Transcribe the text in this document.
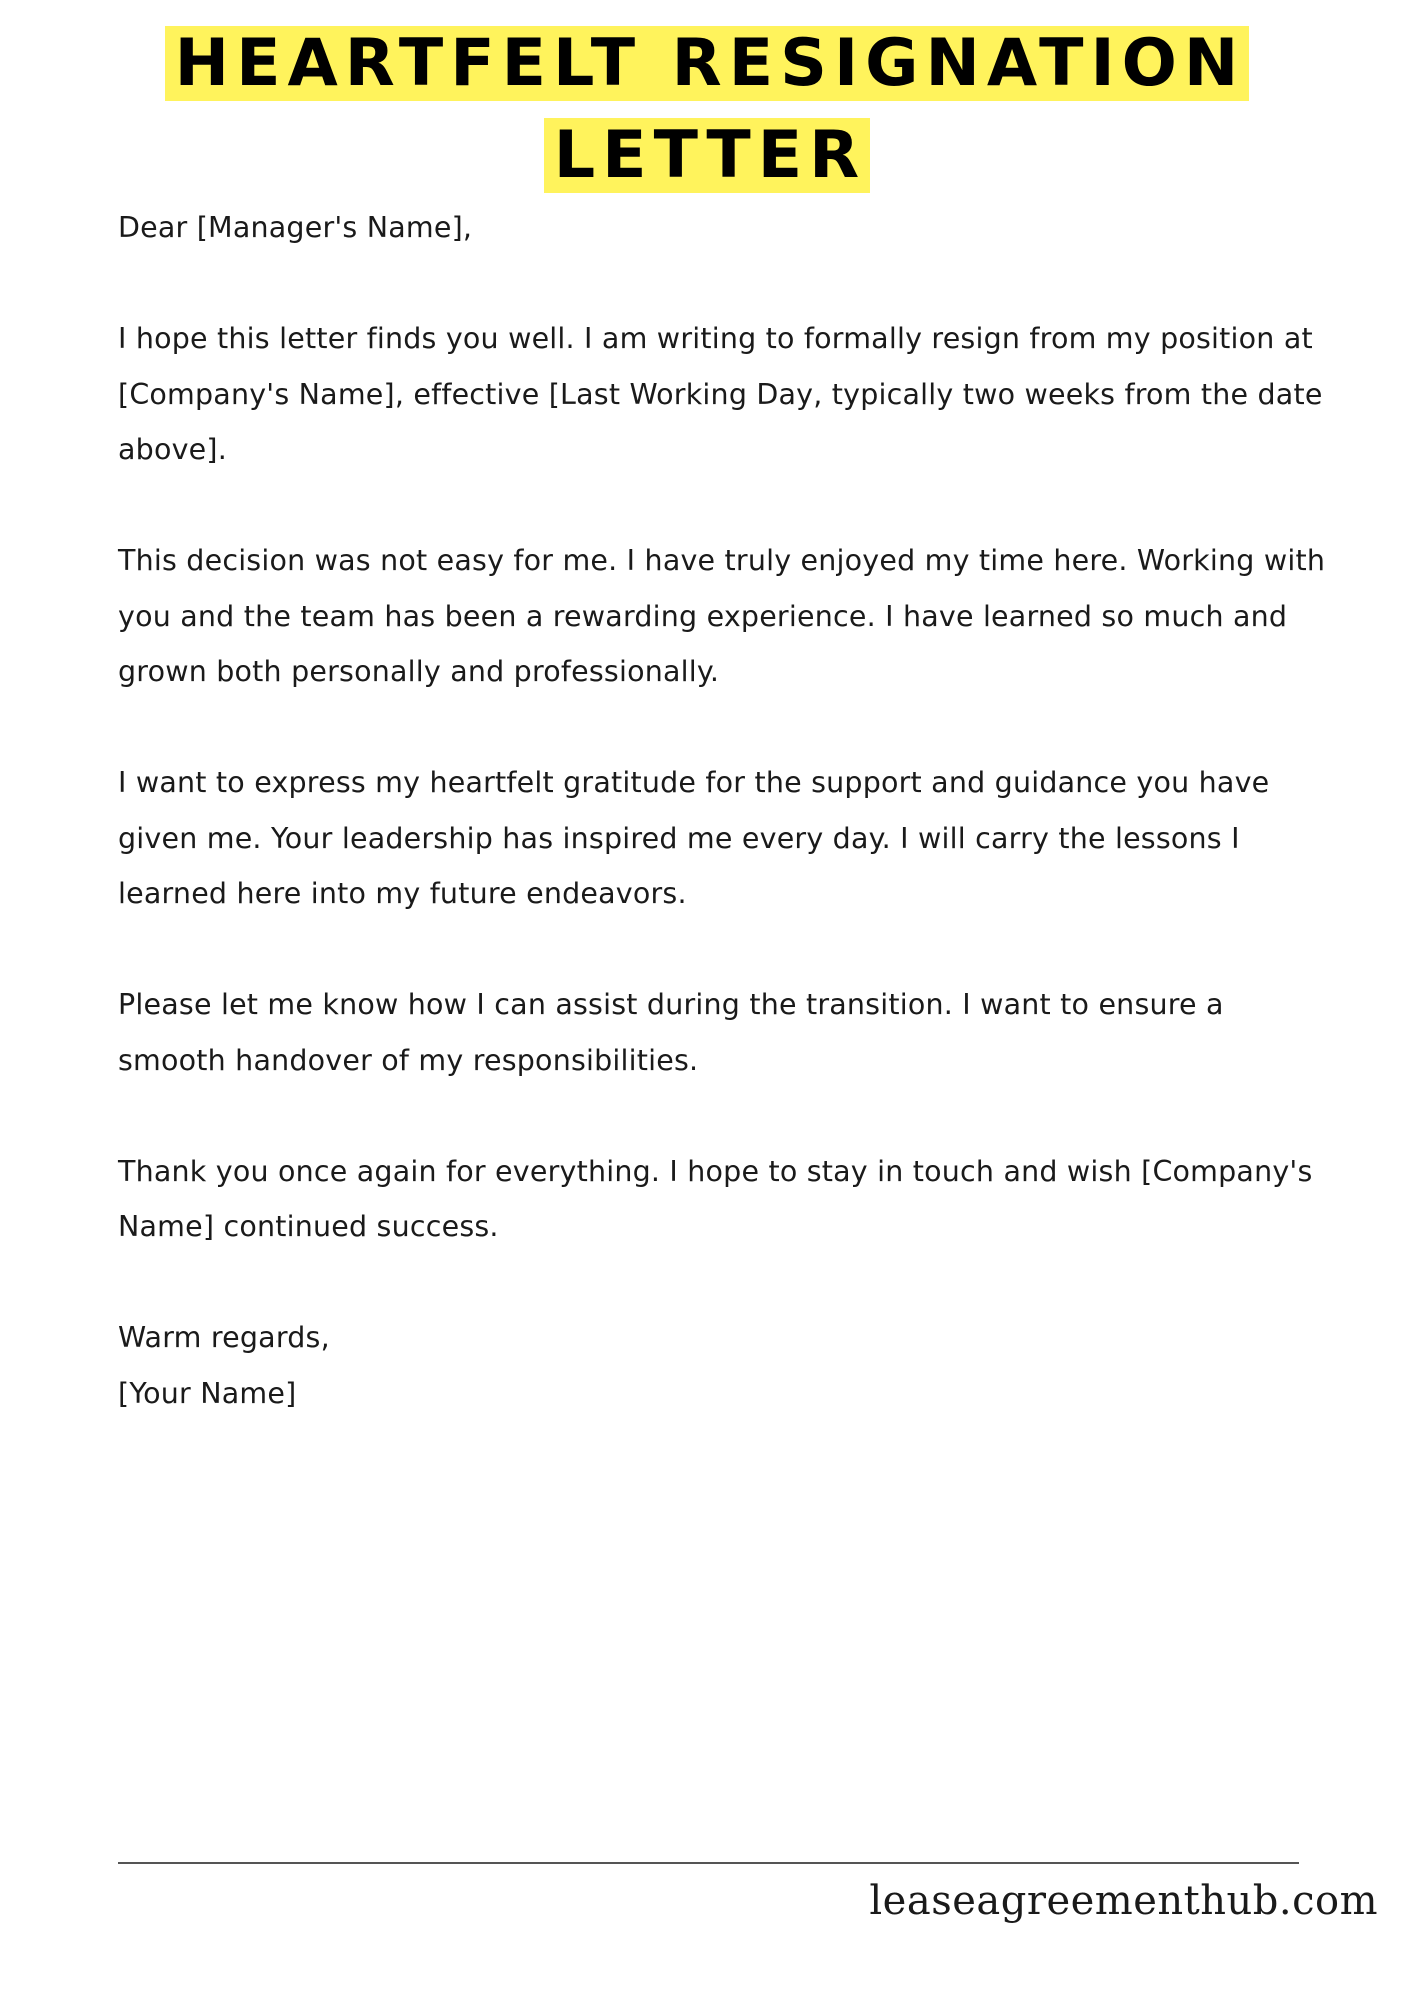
HEARTFELT RESIGNATION
LETTER

Dear [Manager's Name],

I hope this letter finds you well. I am writing to formally resign from my position at [Company's Name], effective [Last Working Day, typically two weeks from the date above].

This decision was not easy for me. I have truly enjoyed my time here. Working with you and the team has been a rewarding experience. I have learned so much and grown both personally and professionally.

I want to express my heartfelt gratitude for the support and guidance you have given me. Your leadership has inspired me every day. I will carry the lessons I learned here into my future endeavors.

Please let me know how I can assist during the transition. I want to ensure a smooth handover of my responsibilities.

Thank you once again for everything. I hope to stay in touch and wish [Company's Name] continued success.

Warm regards,

[Your Name]

leaseagreementhub.com
